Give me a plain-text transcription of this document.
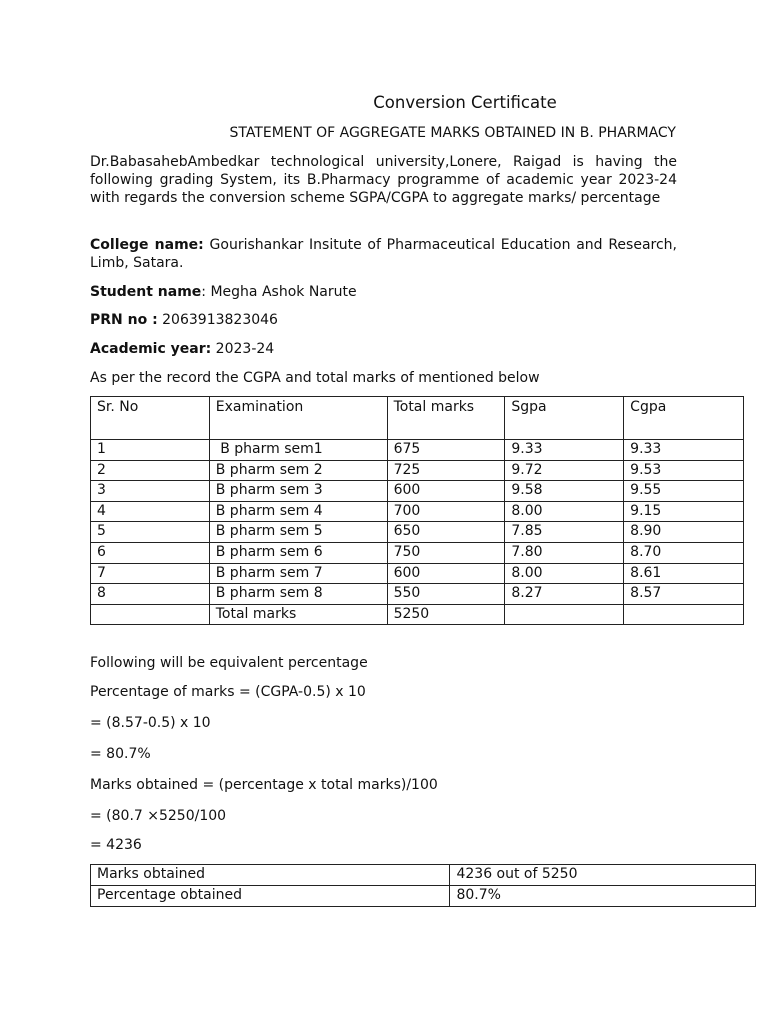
Conversion Certificate
STATEMENT OF AGGREGATE MARKS OBTAINED IN B. PHARMACY
Dr.BabasahebAmbedkar technological university,Lonere, Raigad is having the following grading System, its B.Pharmacy programme of academic year 2023-24 with regards the conversion scheme SGPA/CGPA to aggregate marks/ percentage
College name: Gourishankar Insitute of Pharmaceutical Education and Research, Limb, Satara.
Student name: Megha Ashok Narute
PRN no : 2063913823046
Academic year: 2023-24
As per the record the CGPA and total marks of mentioned below
Sr. No	Examination	Total marks	Sgpa	Cgpa
1	B pharm sem1	675	9.33	9.33
2	B pharm sem 2	725	9.72	9.53
3	B pharm sem 3	600	9.58	9.55
4	B pharm sem 4	700	8.00	9.15
5	B pharm sem 5	650	7.85	8.90
6	B pharm sem 6	750	7.80	8.70
7	B pharm sem 7	600	8.00	8.61
8	B pharm sem 8	550	8.27	8.57
	Total marks	5250		
Following will be equivalent percentage
Percentage of marks = (CGPA-0.5) x 10
= (8.57-0.5) x 10
= 80.7%
Marks obtained = (percentage x total marks)/100
= (80.7 ×5250/100
= 4236
Marks obtained	4236 out of 5250
Percentage obtained	80.7%
